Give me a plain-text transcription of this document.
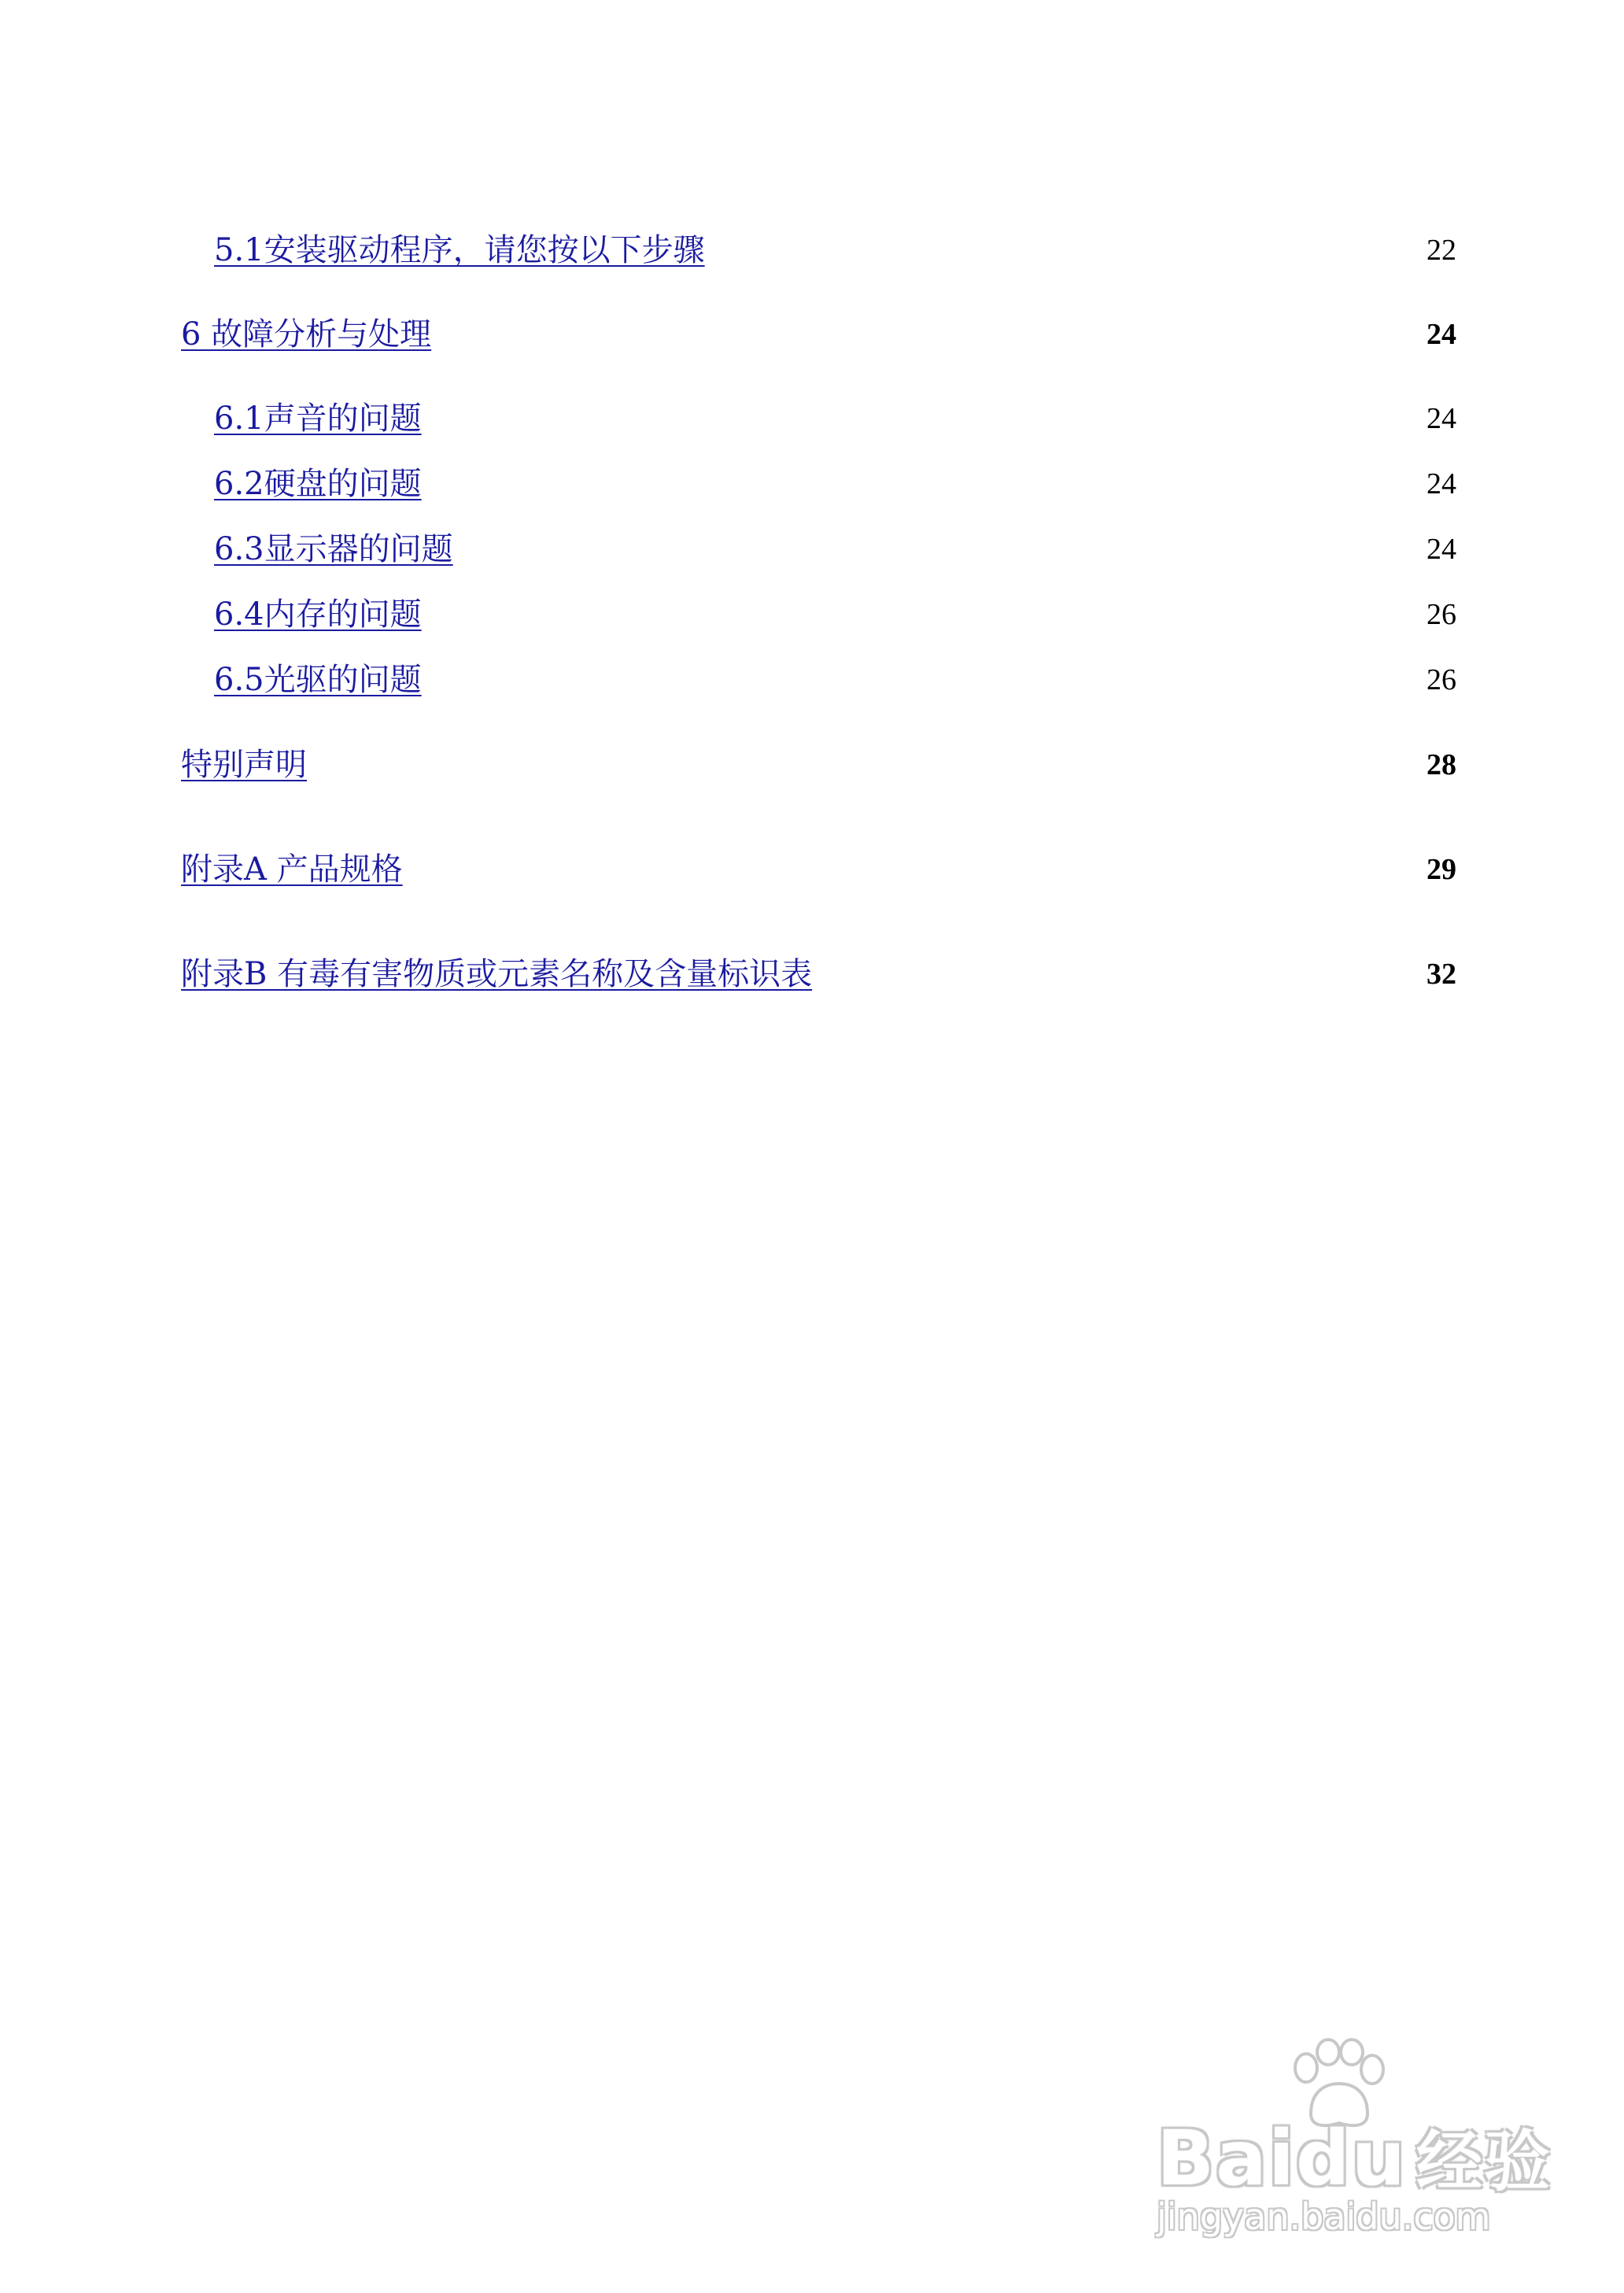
5.1安装驱动程序，请您按以下步骤	22
6 故障分析与处理	24
6.1声音的问题	24
6.2硬盘的问题	24
6.3显示器的问题	24
6.4内存的问题	26
6.5光驱的问题	26
特别声明	28
附录A 产品规格	29
附录B 有毒有害物质或元素名称及含量标识表	32
Baidu 经验
jingyan.baidu.com
